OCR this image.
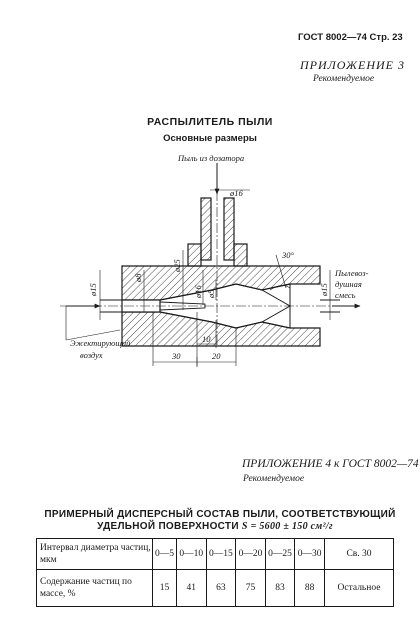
ГОСТ 8002—74 Стр. 23
ПРИЛОЖЕНИЕ 3
Рекомендуемое
РАСПЫЛИТЕЛЬ ПЫЛИ
Основные размеры
Пыль из дозатора
ø16
30°
Пылевоз-
душная
смесь
ø15
ø8
ø25
ø16 ø5	ø15
Эжектирующий
воздух
10
30	20
ПРИЛОЖЕНИЕ 4 к ГОСТ 8002—74
Рекомендуемое
ПРИМЕРНЫЙ ДИСПЕРСНЫЙ СОСТАВ ПЫЛИ, СООТВЕТСТВУЮЩИЙ
УДЕЛЬНОЙ ПОВЕРХНОСТИ S = 5600 ± 150 см²/г
Интервал диаметра частиц, мкм	0—5	0—10	0—15	0—20	0—25	0—30	Св. 30
Содержание частиц по массе, %	15	41	63	75	83	88	Остальное
